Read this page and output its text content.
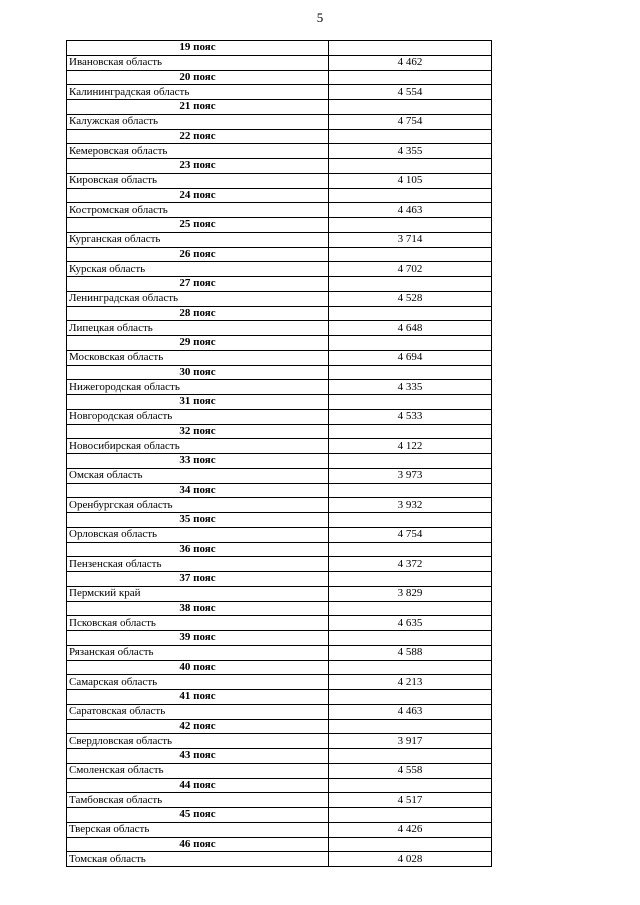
5
19 пояс	
Ивановская область	4 462
20 пояс	
Калининградская область	4 554
21 пояс	
Калужская область	4 754
22 пояс	
Кемеровская область	4 355
23 пояс	
Кировская область	4 105
24 пояс	
Костромская область	4 463
25 пояс	
Курганская область	3 714
26 пояс	
Курская область	4 702
27 пояс	
Ленинградская область	4 528
28 пояс	
Липецкая область	4 648
29 пояс	
Московская область	4 694
30 пояс	
Нижегородская область	4 335
31 пояс	
Новгородская область	4 533
32 пояс	
Новосибирская область	4 122
33 пояс	
Омская область	3 973
34 пояс	
Оренбургская область	3 932
35 пояс	
Орловская область	4 754
36 пояс	
Пензенская область	4 372
37 пояс	
Пермский край	3 829
38 пояс	
Псковская область	4 635
39 пояс	
Рязанская область	4 588
40 пояс	
Самарская область	4 213
41 пояс	
Саратовская область	4 463
42 пояс	
Свердловская область	3 917
43 пояс	
Смоленская область	4 558
44 пояс	
Тамбовская область	4 517
45 пояс	
Тверская область	4 426
46 пояс	
Томская область	4 028
